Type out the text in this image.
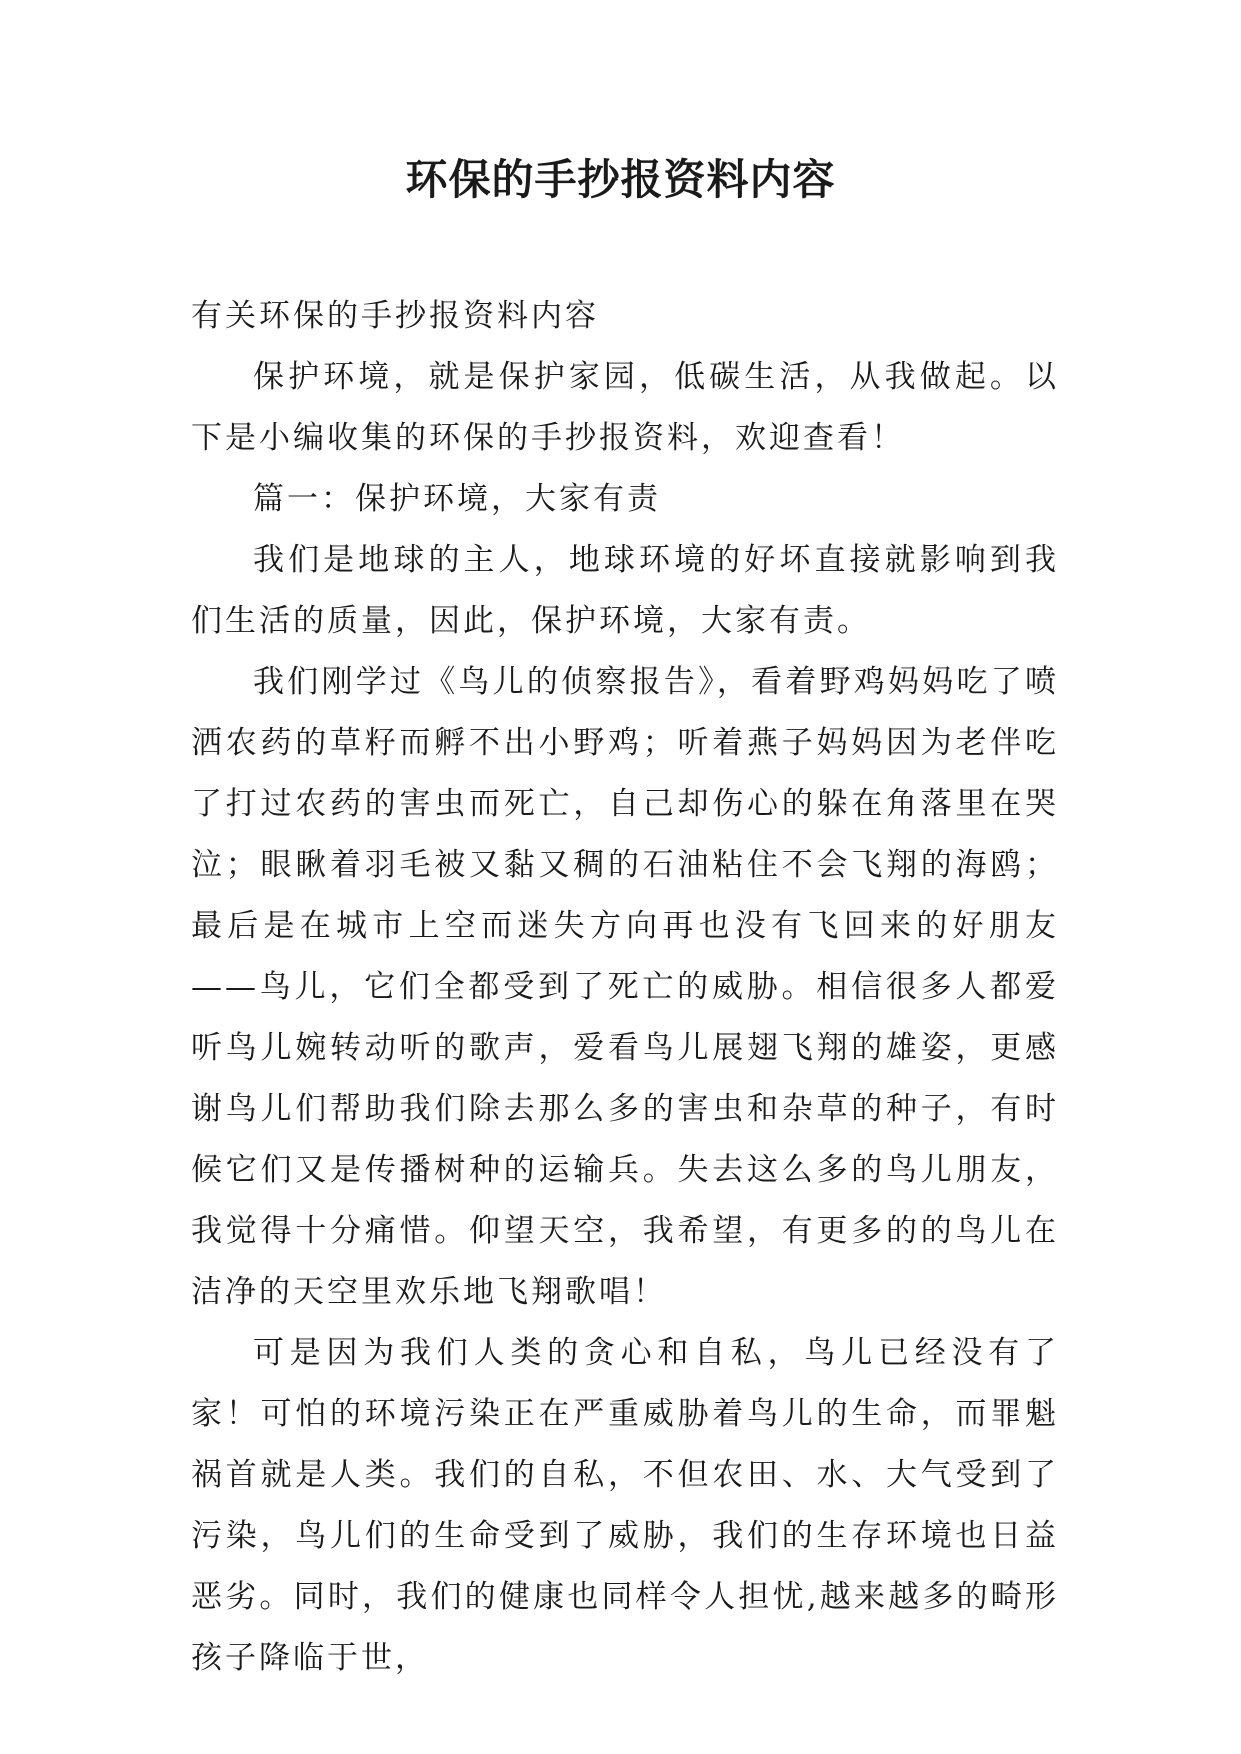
环保的手抄报资料内容

有关环保的手抄报资料内容

保护环境，就是保护家园，低碳生活，从我做起。以下是小编收集的环保的手抄报资料，欢迎查看！

篇一：保护环境，大家有责

我们是地球的主人，地球环境的好坏直接就影响到我们生活的质量，因此，保护环境，大家有责。

我们刚学过《鸟儿的侦察报告》，看着野鸡妈妈吃了喷洒农药的草籽而孵不出小野鸡；听着燕子妈妈因为老伴吃了打过农药的害虫而死亡，自己却伤心的躲在角落里在哭泣；眼瞅着羽毛被又黏又稠的石油粘住不会飞翔的海鸥；最后是在城市上空而迷失方向再也没有飞回来的好朋友——鸟儿，它们全都受到了死亡的威胁。相信很多人都爱听鸟儿婉转动听的歌声，爱看鸟儿展翅飞翔的雄姿，更感谢鸟儿们帮助我们除去那么多的害虫和杂草的种子，有时候它们又是传播树种的运输兵。失去这么多的鸟儿朋友，我觉得十分痛惜。仰望天空，我希望，有更多的的鸟儿在洁净的天空里欢乐地飞翔歌唱！

可是因为我们人类的贪心和自私，鸟儿已经没有了家！可怕的环境污染正在严重威胁着鸟儿的生命，而罪魁祸首就是人类。我们的自私，不但农田、水、大气受到了污染，鸟儿们的生命受到了威胁，我们的生存环境也日益恶劣。同时，我们的健康也同样令人担忧,越来越多的畸形孩子降临于世，
